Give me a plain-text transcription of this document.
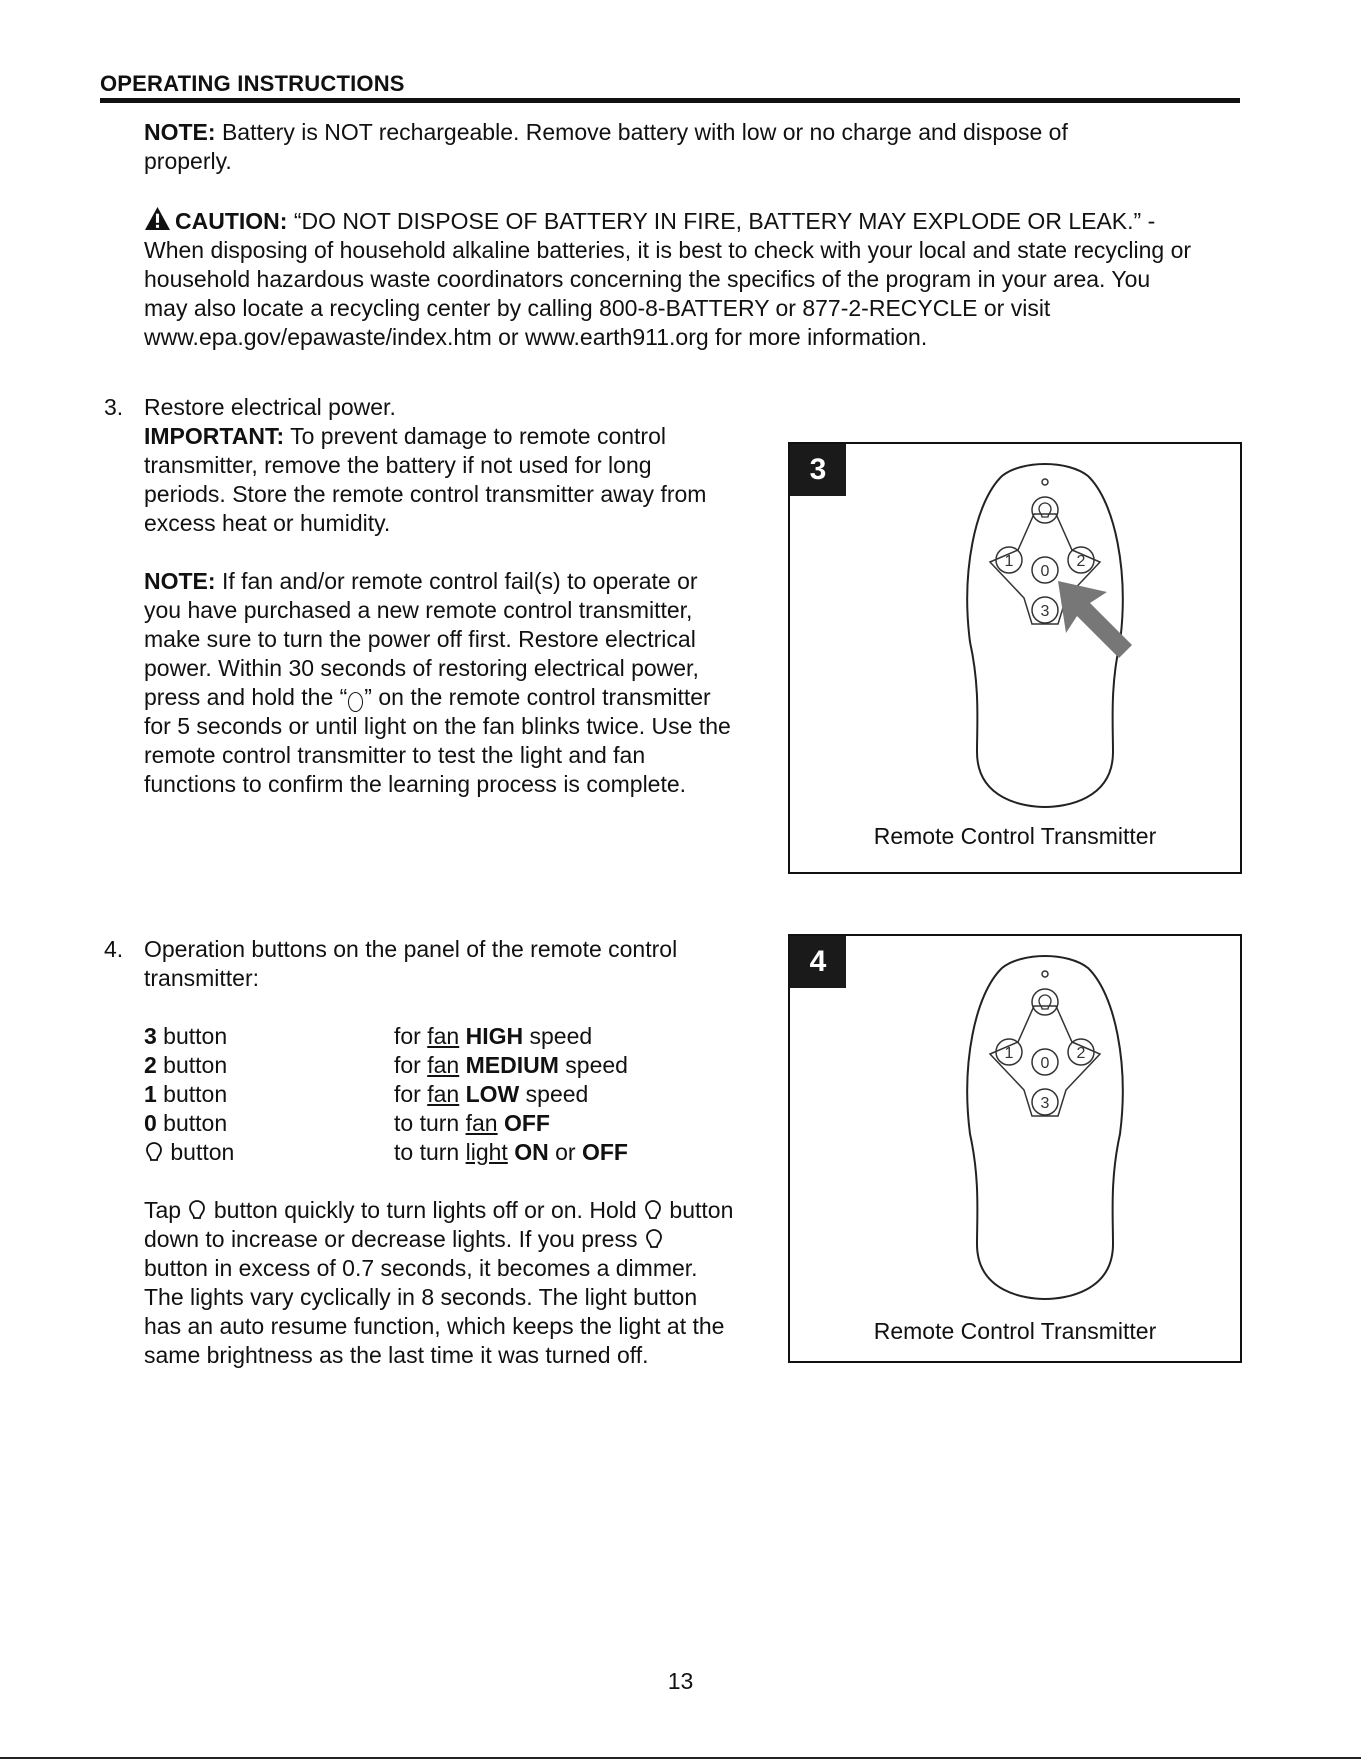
OPERATING INSTRUCTIONS
NOTE: Battery is NOT rechargeable. Remove battery with low or no charge and dispose of properly.
CAUTION: “DO NOT DISPOSE OF BATTERY IN FIRE, BATTERY MAY EXPLODE OR LEAK.” - When disposing of household alkaline batteries, it is best to check with your local and state recycling or household hazardous waste coordinators concerning the specifics of the program in your area. You may also locate a recycling center by calling 800-8-BATTERY or 877-2-RECYCLE or visit www.epa.gov/epawaste/index.htm or www.earth911.org for more information.
3. Restore electrical power.
IMPORTANT: To prevent damage to remote control transmitter, remove the battery if not used for long periods. Store the remote control transmitter away from excess heat or humidity.
NOTE: If fan and/or remote control fail(s) to operate or you have purchased a new remote control transmitter, make sure to turn the power off first. Restore electrical power. Within 30 seconds of restoring electrical power, press and hold the “ ” on the remote control transmitter for 5 seconds or until light on the fan blinks twice. Use the remote control transmitter to test the light and fan functions to confirm the learning process is complete.
3
1	2
0
3
Remote Control Transmitter
4. Operation buttons on the panel of the remote control transmitter:
3 button	for fan HIGH speed
2 button	for fan MEDIUM speed
1 button	for fan LOW speed
0 button	to turn fan OFF
button	to turn light ON or OFF
Tap button quickly to turn lights off or on. Hold button down to increase or decrease lights. If you press  button in excess of 0.7 seconds, it becomes a dimmer. The lights vary cyclically in 8 seconds. The light button has an auto resume function, which keeps the light at the same brightness as the last time it was turned off.
4
1	2
0
3
Remote Control Transmitter
13
